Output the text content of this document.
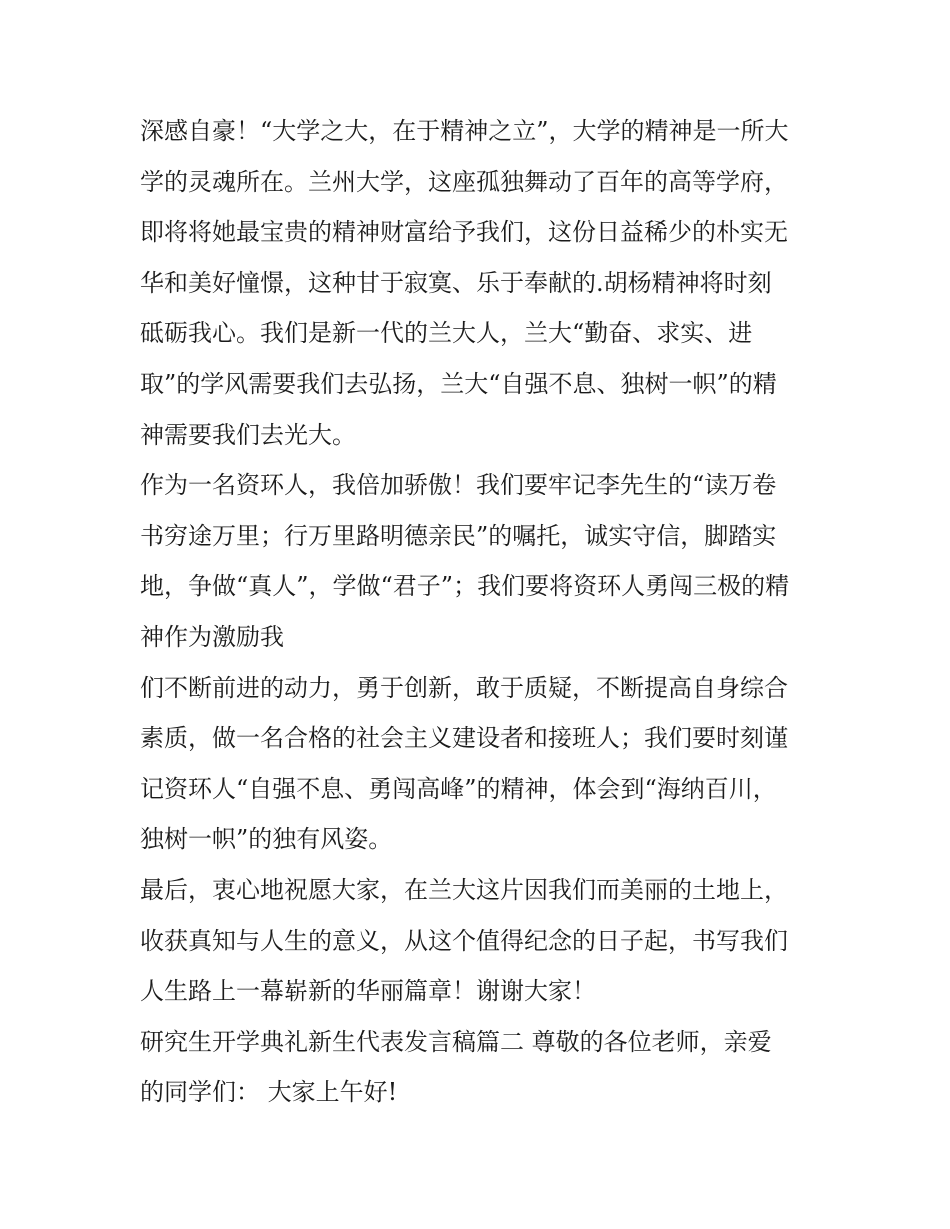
深感自豪！“大学之大，在于精神之立”，大学的精神是一所大
学的灵魂所在。兰州大学，这座孤独舞动了百年的高等学府，
即将将她最宝贵的精神财富给予我们，这份日益稀少的朴实无
华和美好憧憬，这种甘于寂寞、乐于奉献的.胡杨精神将时刻
砥砺我心。我们是新一代的兰大人，兰大“勤奋、求实、进
取”的学风需要我们去弘扬，兰大“自强不息、独树一帜”的精
神需要我们去光大。
作为一名资环人，我倍加骄傲！我们要牢记李先生的“读万卷
书穷途万里；行万里路明德亲民”的嘱托，诚实守信，脚踏实
地，争做“真人”，学做“君子”；我们要将资环人勇闯三极的精
神作为激励我
们不断前进的动力，勇于创新，敢于质疑，不断提高自身综合
素质，做一名合格的社会主义建设者和接班人；我们要时刻谨
记资环人“自强不息、勇闯高峰”的精神，体会到“海纳百川，
独树一帜”的独有风姿。
最后，衷心地祝愿大家，在兰大这片因我们而美丽的土地上，
收获真知与人生的意义，从这个值得纪念的日子起，书写我们
人生路上一幕崭新的华丽篇章！谢谢大家！
研究生开学典礼新生代表发言稿篇二 尊敬的各位老师，亲爱
的同学们： 大家上午好!
